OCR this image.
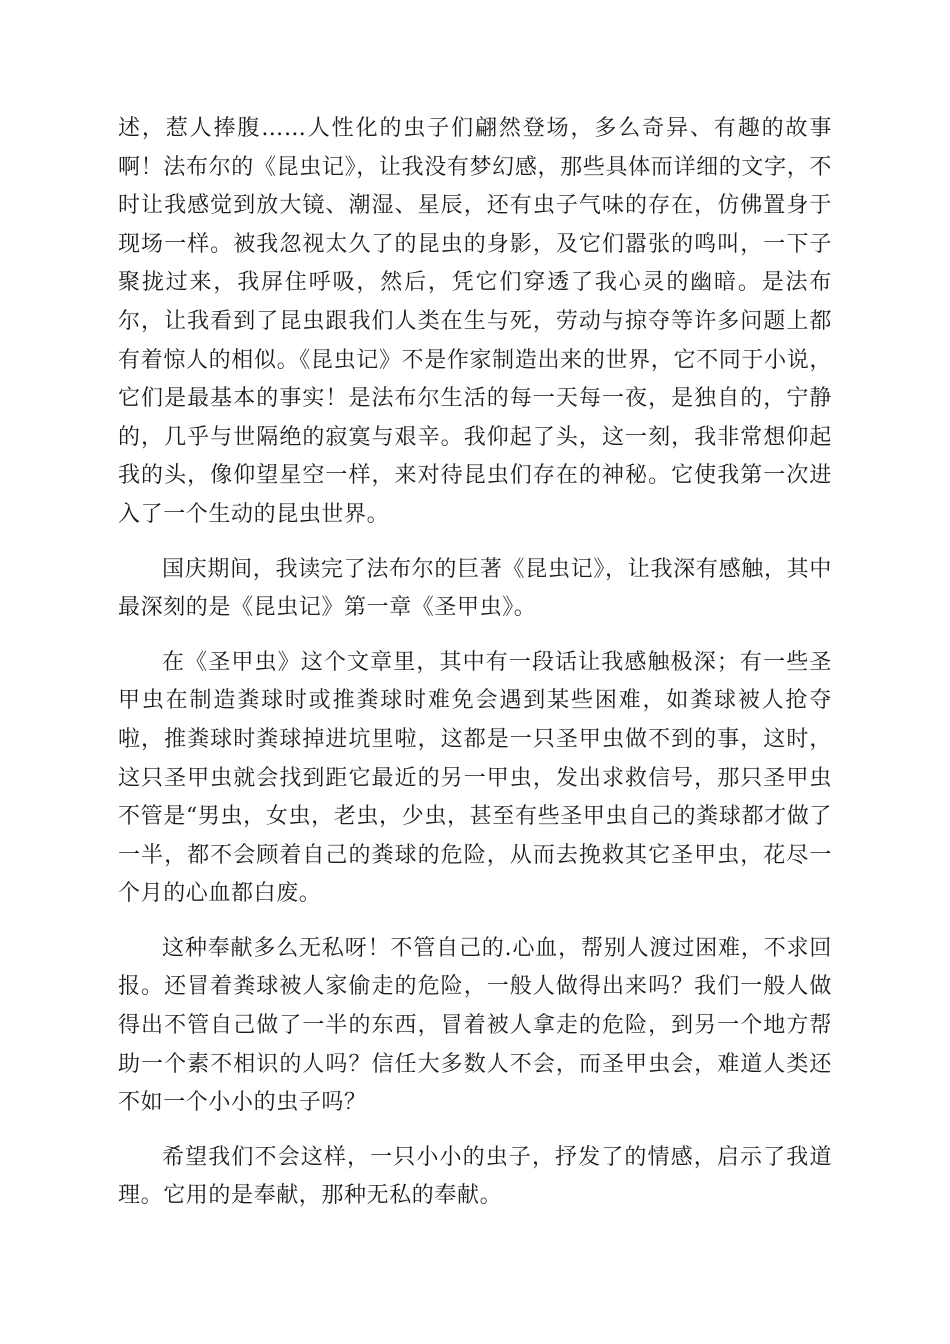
述，惹人捧腹……人性化的虫子们翩然登场，多么奇异、有趣的故事啊！法布尔的《昆虫记》，让我没有梦幻感，那些具体而详细的文字，不时让我感觉到放大镜、潮湿、星辰，还有虫子气味的存在，仿佛置身于现场一样。被我忽视太久了的昆虫的身影，及它们嚣张的鸣叫，一下子聚拢过来，我屏住呼吸，然后，凭它们穿透了我心灵的幽暗。是法布尔，让我看到了昆虫跟我们人类在生与死，劳动与掠夺等许多问题上都有着惊人的相似。《昆虫记》不是作家制造出来的世界，它不同于小说，它们是最基本的事实！是法布尔生活的每一天每一夜，是独自的，宁静的，几乎与世隔绝的寂寞与艰辛。我仰起了头，这一刻，我非常想仰起我的头，像仰望星空一样，来对待昆虫们存在的神秘。它使我第一次进入了一个生动的昆虫世界。

国庆期间，我读完了法布尔的巨著《昆虫记》，让我深有感触，其中最深刻的是《昆虫记》第一章《圣甲虫》。

在《圣甲虫》这个文章里，其中有一段话让我感触极深；有一些圣甲虫在制造粪球时或推粪球时难免会遇到某些困难，如粪球被人抢夺啦，推粪球时粪球掉进坑里啦，这都是一只圣甲虫做不到的事，这时，这只圣甲虫就会找到距它最近的另一甲虫，发出求救信号，那只圣甲虫不管是“男虫，女虫，老虫，少虫，甚至有些圣甲虫自己的粪球都才做了一半，都不会顾着自己的粪球的危险，从而去挽救其它圣甲虫，花尽一个月的心血都白废。

这种奉献多么无私呀！不管自己的.心血，帮别人渡过困难，不求回报。还冒着粪球被人家偷走的危险，一般人做得出来吗？我们一般人做得出不管自己做了一半的东西，冒着被人拿走的危险，到另一个地方帮助一个素不相识的人吗？信任大多数人不会，而圣甲虫会，难道人类还不如一个小小的虫子吗？

希望我们不会这样，一只小小的虫子，抒发了的情感，启示了我道理。它用的是奉献，那种无私的奉献。
